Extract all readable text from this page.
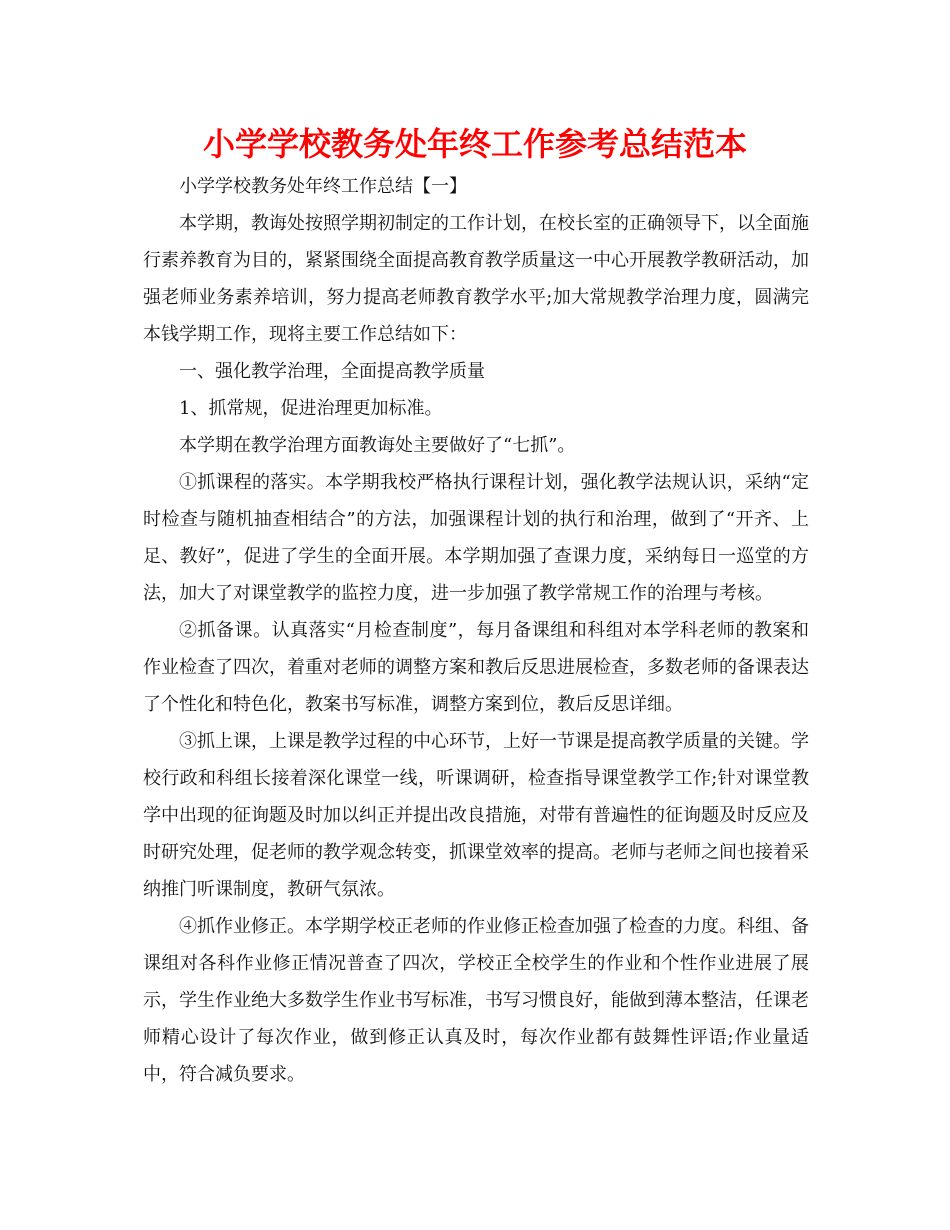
小学学校教务处年终工作参考总结范本

小学学校教务处年终工作总结【一】

本学期，教诲处按照学期初制定的工作计划，在校长室的正确领导下，以全面施行素养教育为目的，紧紧围绕全面提高教育教学质量这一中心开展教学教研活动，加强老师业务素养培训，努力提高老师教育教学水平;加大常规教学治理力度，圆满完本钱学期工作，现将主要工作总结如下：

一、强化教学治理，全面提高教学质量

1、抓常规，促进治理更加标准。

本学期在教学治理方面教诲处主要做好了“七抓”。

①抓课程的落实。本学期我校严格执行课程计划，强化教学法规认识，采纳“定时检查与随机抽查相结合”的方法，加强课程计划的执行和治理，做到了“开齐、上足、教好”，促进了学生的全面开展。本学期加强了查课力度，采纳每日一巡堂的方法，加大了对课堂教学的监控力度，进一步加强了教学常规工作的治理与考核。

②抓备课。认真落实“月检查制度”，每月备课组和科组对本学科老师的教案和作业检查了四次，着重对老师的调整方案和教后反思进展检查，多数老师的备课表达了个性化和特色化，教案书写标准，调整方案到位，教后反思详细。

③抓上课，上课是教学过程的中心环节，上好一节课是提高教学质量的关键。学校行政和科组长接着深化课堂一线，听课调研，检查指导课堂教学工作;针对课堂教学中出现的征询题及时加以纠正并提出改良措施，对带有普遍性的征询题及时反应及时研究处理，促老师的教学观念转变，抓课堂效率的提高。老师与老师之间也接着采纳推门听课制度，教研气氛浓。

④抓作业修正。本学期学校正老师的作业修正检查加强了检查的力度。科组、备课组对各科作业修正情况普查了四次，学校正全校学生的作业和个性作业进展了展示，学生作业绝大多数学生作业书写标准，书写习惯良好，能做到薄本整洁，任课老师精心设计了每次作业，做到修正认真及时，每次作业都有鼓舞性评语;作业量适中，符合减负要求。
